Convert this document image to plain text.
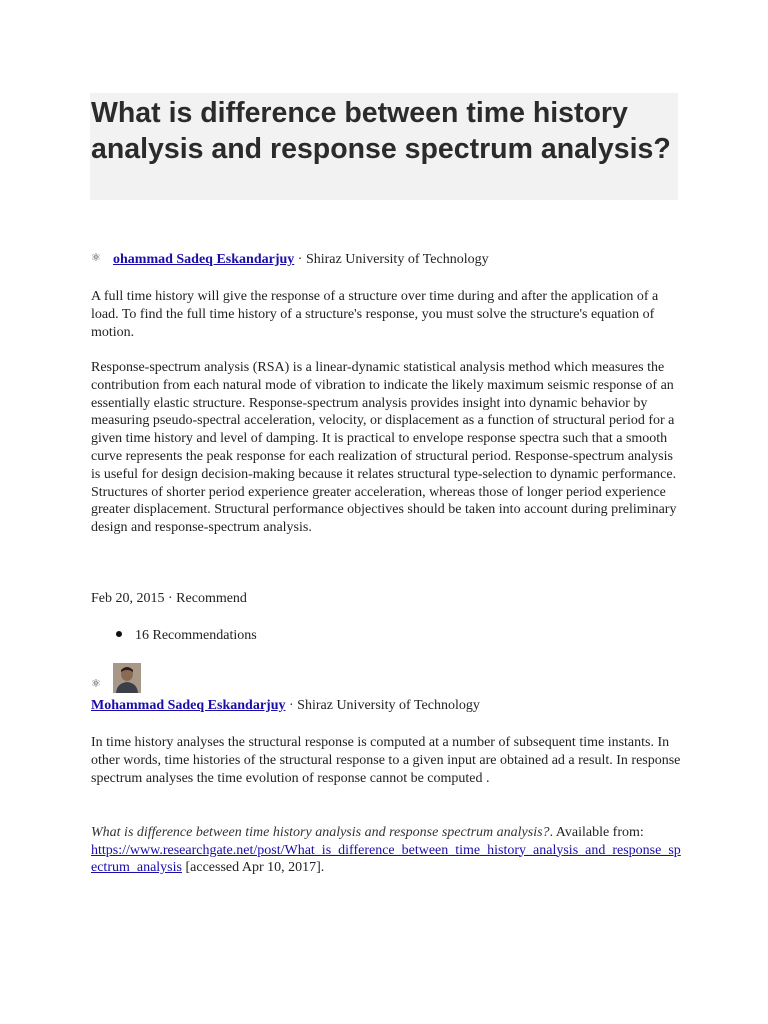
What is difference between time history analysis and response spectrum analysis?
⚛ ohammad Sadeq Eskandarjuy · Shiraz University of Technology

A full time history will give the response of a structure over time during and after the application of a load. To find the full time history of a structure's response, you must solve the structure's equation of motion.

Response-spectrum analysis (RSA) is a linear-dynamic statistical analysis method which measures the contribution from each natural mode of vibration to indicate the likely maximum seismic response of an essentially elastic structure. Response-spectrum analysis provides insight into dynamic behavior by measuring pseudo-spectral acceleration, velocity, or displacement as a function of structural period for a given time history and level of damping. It is practical to envelope response spectra such that a smooth curve represents the peak response for each realization of structural period. Response-spectrum analysis is useful for design decision-making because it relates structural type-selection to dynamic performance. Structures of shorter period experience greater acceleration, whereas those of longer period experience greater displacement. Structural performance objectives should be taken into account during preliminary design and response-spectrum analysis.

Feb 20, 2015 · Recommend
16 Recommendations
⚛
Mohammad Sadeq Eskandarjuy · Shiraz University of Technology

In time history analyses the structural response is computed at a number of subsequent time instants. In other words, time histories of the structural response to a given input are obtained ad a result. In response spectrum analyses the time evolution of response cannot be computed .

What is difference between time history analysis and response spectrum analysis?. Available from:
https://www.researchgate.net/post/What_is_difference_between_time_history_analysis_and_response_spectrum_analysis [accessed Apr 10, 2017].
